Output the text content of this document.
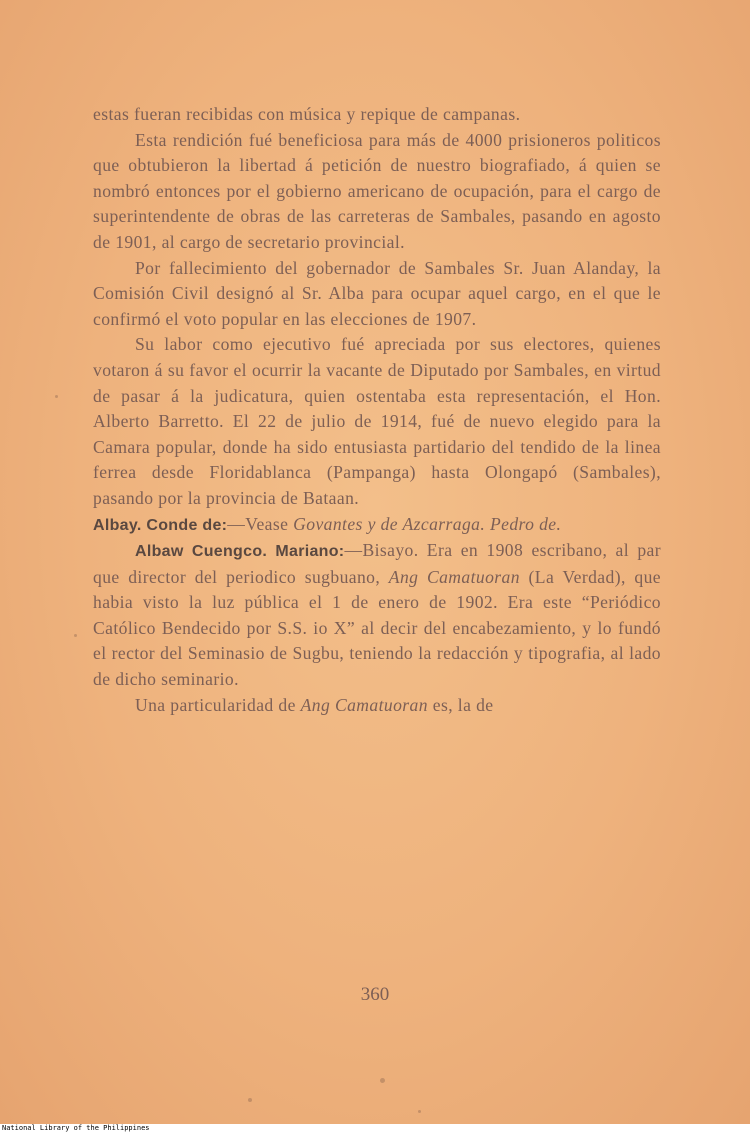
estas fueran recibidas con música y repique de campanas.

Esta rendición fué beneficiosa para más de 4000 prisioneros politicos que obtubieron la libertad á petición de nuestro biografiado, á quien se nombró entonces por el gobierno americano de ocupación, para el cargo de superintendente de obras de las carreteras de Sambales, pasando en agosto de 1901, al cargo de secretario provincial.

Por fallecimiento del gobernador de Sambales Sr. Juan Alanday, la Comisión Civil designó al Sr. Alba para ocupar aquel cargo, en el que le confirmó el voto popular en las elecciones de 1907.

Su labor como ejecutivo fué apreciada por sus electores, quienes votaron á su favor el ocurrir la vacante de Diputado por Sambales, en virtud de pasar á la judicatura, quien ostentaba esta representación, el Hon. Alberto Barretto. El 22 de julio de 1914, fué de nuevo elegido para la Camara popular, donde ha sido entusiasta partidario del tendido de la linea ferrea desde Floridablanca (Pampanga) hasta Olongapó (Sambales), pasando por la provincia de Bataan.

Albay. Conde de:—Vease Govantes y de Azcarraga. Pedro de.

Albaw Cuengco. Mariano:—Bisayo. Era en 1908 escribano, al par que director del periodico sugbuano, Ang Camatuoran (La Verdad), que habia visto la luz pública el 1 de enero de 1902. Era este “Periódico Católico Bendecido por S.S. io X” al decir del encabezamiento, y lo fundó el rector del Seminasio de Sugbu, teniendo la redacción y tipografia, al lado de dicho seminario.

Una particularidad de Ang Camatuoran es, la de

360
National Library of the Philippines
